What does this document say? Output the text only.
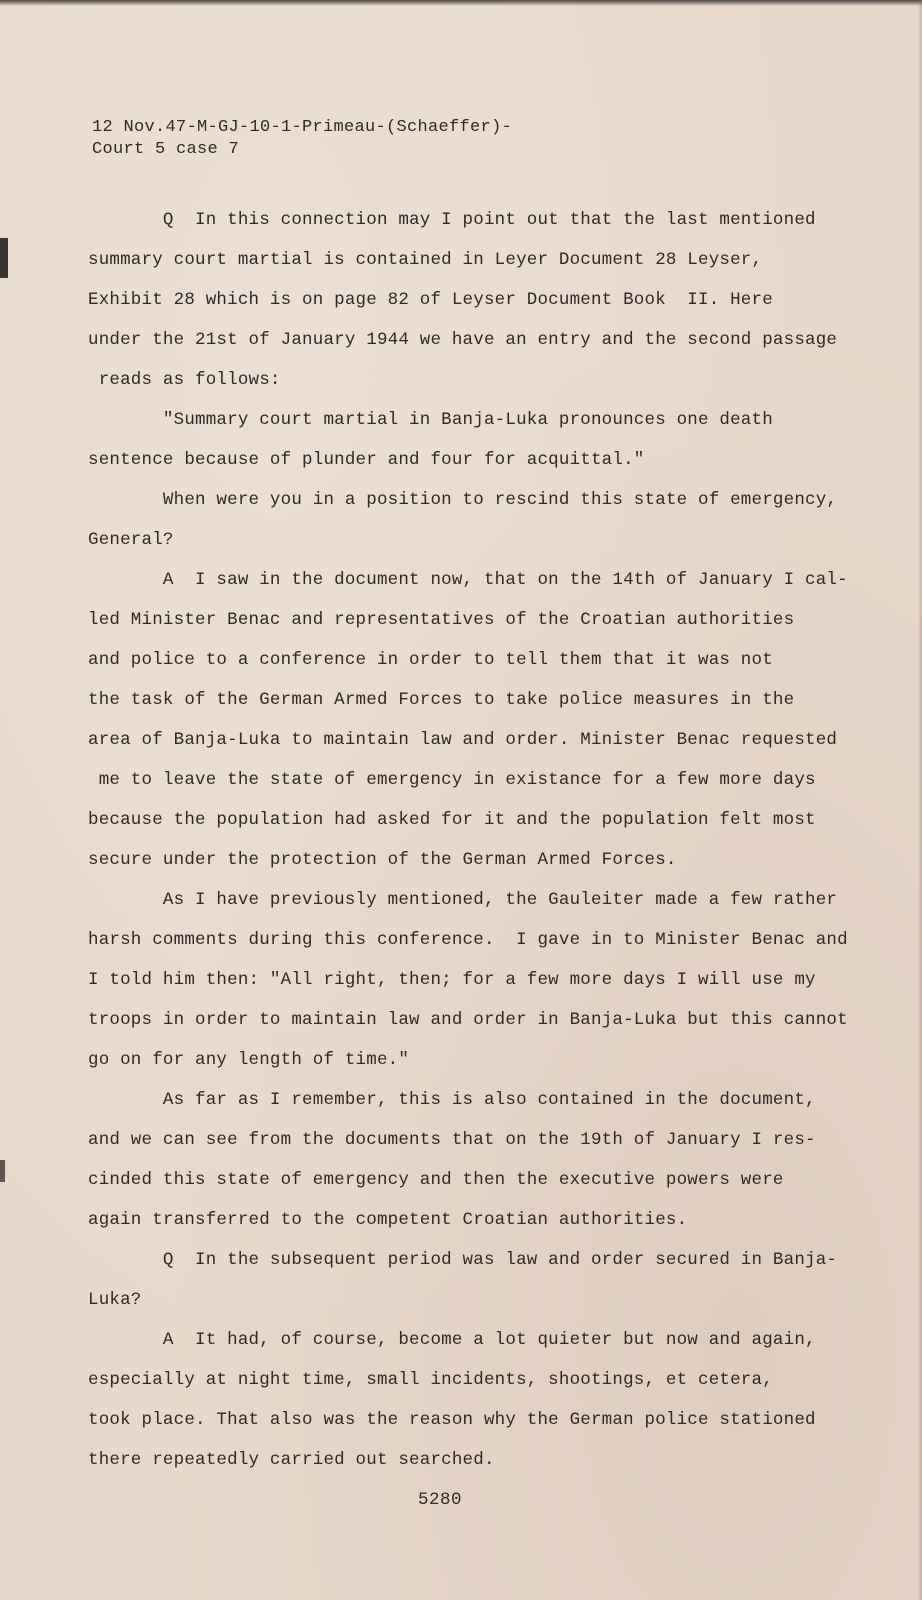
12 Nov.47-M-GJ-10-1-Primeau-(Schaeffer)-
Court 5 case 7
Q  In this connection may I point out that the last mentioned
summary court martial is contained in Leyer Document 28 Leyser,
Exhibit 28 which is on page 82 of Leyser Document Book  II. Here
under the 21st of January 1944 we have an entry and the second passage
reads as follows:
"Summary court martial in Banja-Luka pronounces one death
sentence because of plunder and four for acquittal."
When were you in a position to rescind this state of emergency,
General?
A  I saw in the document now, that on the 14th of January I cal-
led Minister Benac and representatives of the Croatian authorities
and police to a conference in order to tell them that it was not
the task of the German Armed Forces to take police measures in the
area of Banja-Luka to maintain law and order. Minister Benac requested
me to leave the state of emergency in existance for a few more days
because the population had asked for it and the population felt most
secure under the protection of the German Armed Forces.
As I have previously mentioned, the Gauleiter made a few rather
harsh comments during this conference.  I gave in to Minister Benac and
I told him then: "All right, then; for a few more days I will use my
troops in order to maintain law and order in Banja-Luka but this cannot
go on for any length of time."
As far as I remember, this is also contained in the document,
and we can see from the documents that on the 19th of January I res-
cinded this state of emergency and then the executive powers were
again transferred to the competent Croatian authorities.
Q  In the subsequent period was law and order secured in Banja-
Luka?
A  It had, of course, become a lot quieter but now and again,
especially at night time, small incidents, shootings, et cetera,
took place. That also was the reason why the German police stationed
there repeatedly carried out searched.
5280
